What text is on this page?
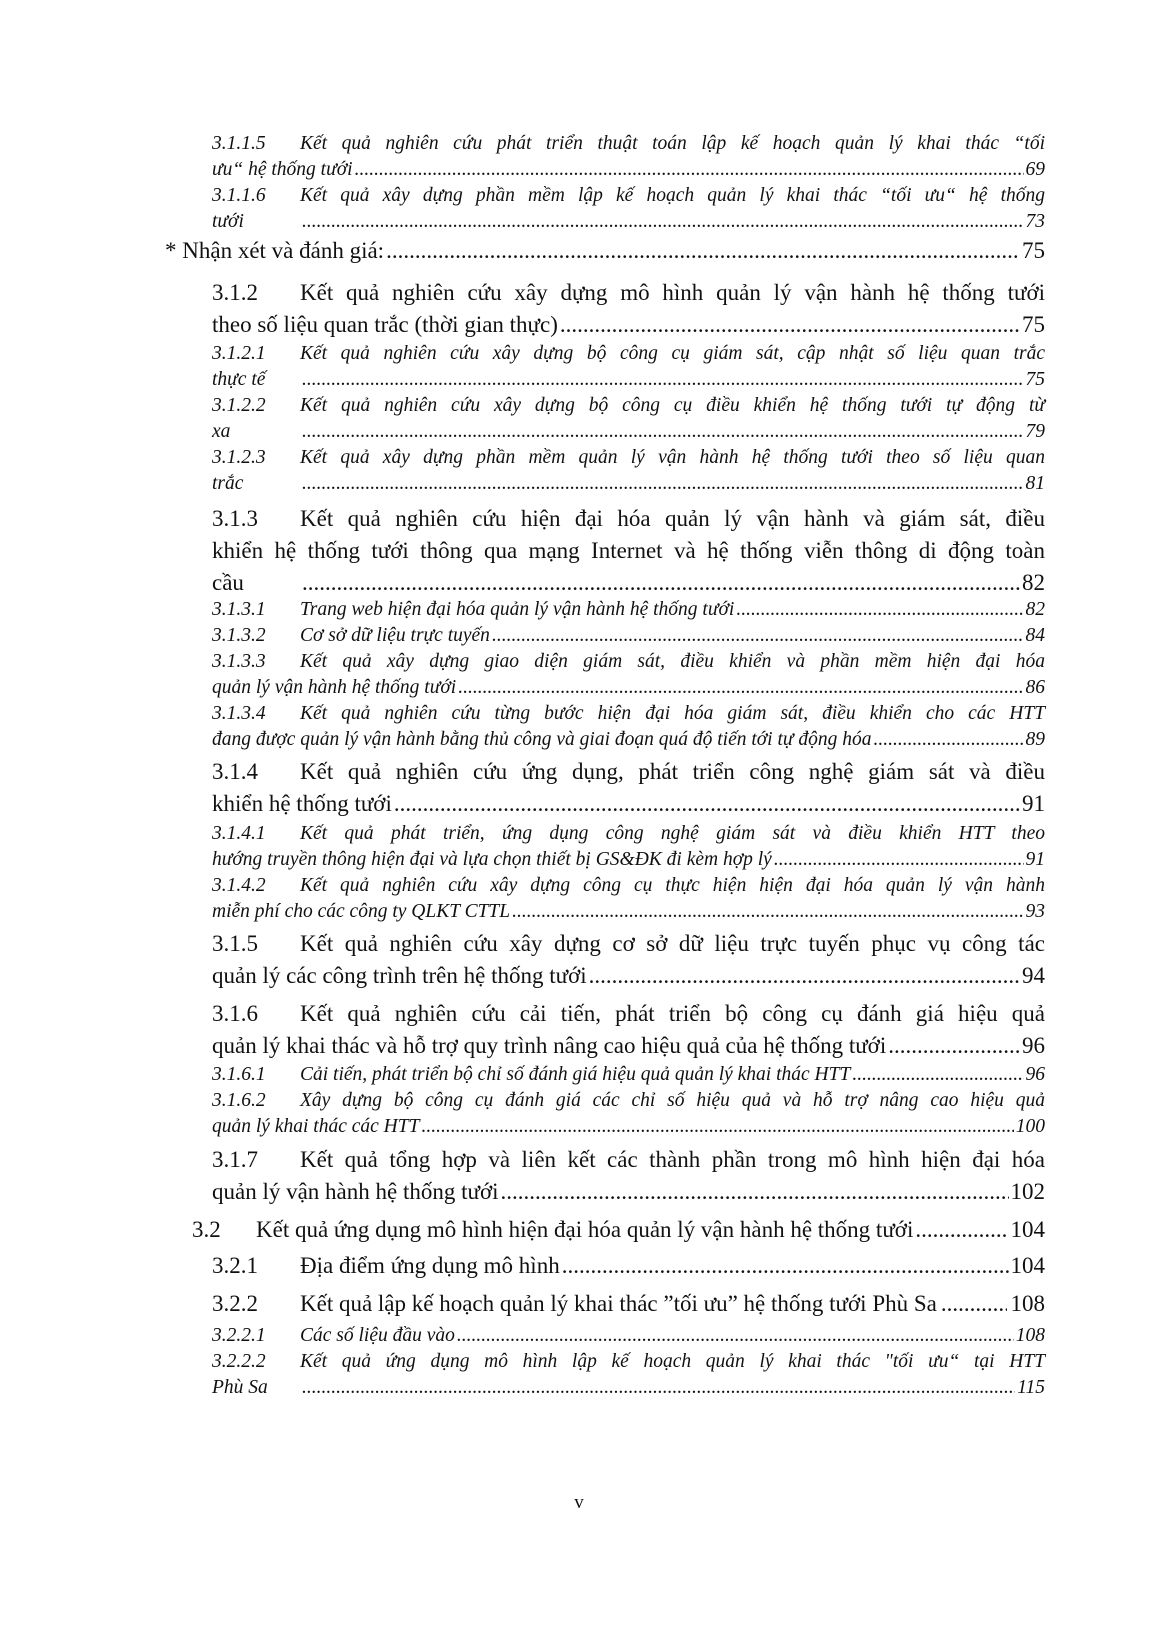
3.1.1.5	Kết quả nghiên cứu phát triển thuật toán lập kế hoạch quản lý khai thác “tối
ưu“ hệ thống tưới .....	69
3.1.1.6	Kết quả xây dựng phần mềm lập kế hoạch quản lý khai thác “tối ưu“ hệ thống
tưới .....	73
* Nhận xét và đánh giá: .....	75
3.1.2	Kết quả nghiên cứu xây dựng mô hình quản lý vận hành hệ thống tưới
theo số liệu quan trắc (thời gian thực) .....	75
3.1.2.1	Kết quả nghiên cứu xây dựng bộ công cụ giám sát, cập nhật số liệu quan trắc
thực tế .....	75
3.1.2.2	Kết quả nghiên cứu xây dựng bộ công cụ điều khiển hệ thống tưới tự động từ
xa .....	79
3.1.2.3	Kết quả xây dựng phần mềm quản lý vận hành hệ thống tưới theo số liệu quan
trắc .....	81
3.1.3	Kết quả nghiên cứu hiện đại hóa quản lý vận hành và giám sát, điều
khiển hệ thống tưới thông qua mạng Internet và hệ thống viễn thông di động toàn
cầu .....	82
3.1.3.1	Trang web hiện đại hóa quản lý vận hành hệ thống tưới .....	82
3.1.3.2	Cơ sở dữ liệu trực tuyến .....	84
3.1.3.3	Kết quả xây dựng giao diện giám sát, điều khiển và phần mềm hiện đại hóa
quản lý vận hành hệ thống tưới .....	86
3.1.3.4	Kết quả nghiên cứu từng bước hiện đại hóa giám sát, điều khiển cho các HTT
đang được quản lý vận hành bằng thủ công và giai đoạn quá độ tiến tới tự động hóa .....	89
3.1.4	Kết quả nghiên cứu ứng dụng, phát triển công nghệ giám sát và điều
khiển hệ thống tưới .....	91
3.1.4.1	Kết quả phát triển, ứng dụng công nghệ giám sát và điều khiển HTT theo
hướng truyền thông hiện đại và lựa chọn thiết bị GS&ĐK đi kèm hợp lý .....	91
3.1.4.2	Kết quả nghiên cứu xây dựng công cụ thực hiện hiện đại hóa quản lý vận hành
miễn phí cho các công ty QLKT CTTL .....	93
3.1.5	Kết quả nghiên cứu xây dựng cơ sở dữ liệu trực tuyến phục vụ công tác
quản lý các công trình trên hệ thống tưới .....	94
3.1.6	Kết quả nghiên cứu cải tiến, phát triển bộ công cụ đánh giá hiệu quả
quản lý khai thác và hỗ trợ quy trình nâng cao hiệu quả của hệ thống tưới .....	96
3.1.6.1	Cải tiến, phát triển bộ chỉ số đánh giá hiệu quả quản lý khai thác HTT .....	96
3.1.6.2	Xây dựng bộ công cụ đánh giá các chỉ số hiệu quả và hỗ trợ nâng cao hiệu quả
quản lý khai thác các HTT .....	100
3.1.7	Kết quả tổng hợp và liên kết các thành phần trong mô hình hiện đại hóa
quản lý vận hành hệ thống tưới .....	102
3.2	Kết quả ứng dụng mô hình hiện đại hóa quản lý vận hành hệ thống tưới .....	104
3.2.1	Địa điểm ứng dụng mô hình .....	104
3.2.2	Kết quả lập kế hoạch quản lý khai thác ”tối ưu” hệ thống tưới Phù Sa .....	108
3.2.2.1	Các số liệu đầu vào .....	108
3.2.2.2	Kết quả ứng dụng mô hình lập kế hoạch quản lý khai thác "tối ưu“ tại HTT
Phù Sa .....	115
v
